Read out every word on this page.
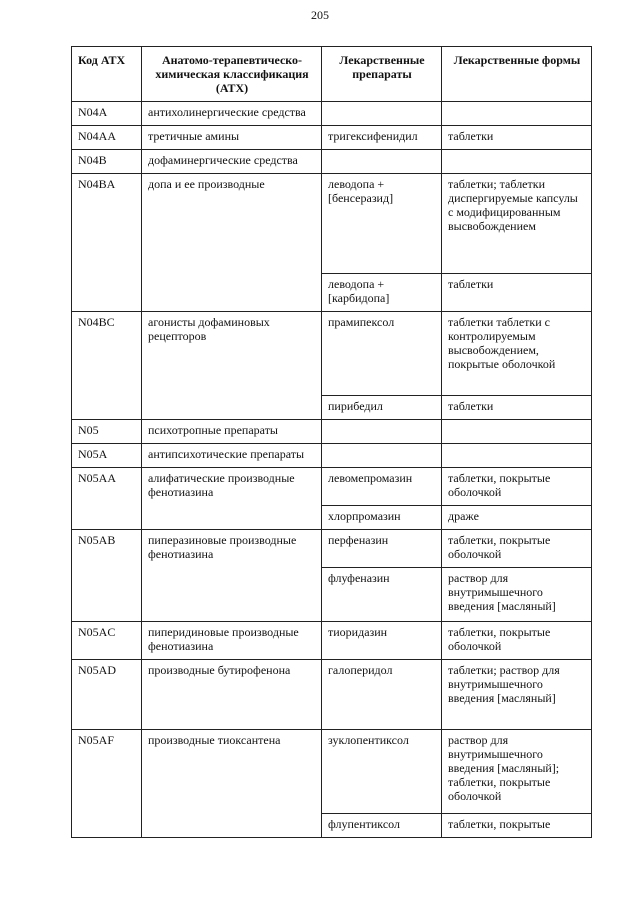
205
Код АТХ	Анатомо-терапевтическо-химическая классификация (АТХ)	Лекарственные препараты	Лекарственные формы
N04A	антихолинергические средства		
N04AA	третичные амины	тригексифенидил	таблетки
N04B	дофаминергические средства		
N04BA	допа и ее производные	леводопа + [бенсеразид]	таблетки; таблетки диспергируемые капсулы с модифицированным высвобождением
		леводопа + [карбидопа]	таблетки
N04BC	агонисты дофаминовых рецепторов	прамипексол	таблетки таблетки с контролируемым высвобождением, покрытые оболочкой
		пирибедил	таблетки
N05	психотропные препараты		
N05A	антипсихотические препараты		
N05AA	алифатические производные фенотиазина	левомепромазин	таблетки, покрытые оболочкой
		хлорпромазин	драже
N05AB	пиперазиновые производные фенотиазина	перфеназин	таблетки, покрытые оболочкой
		флуфеназин	раствор для внутримышечного введения [масляный]
N05AC	пиперидиновые производные фенотиазина	тиоридазин	таблетки, покрытые оболочкой
N05AD	производные бутирофенона	галоперидол	таблетки; раствор для внутримышечного введения [масляный]
N05AF	производные тиоксантена	зуклопентиксол	раствор для внутримышечного введения [масляный]; таблетки, покрытые оболочкой
		флупентиксол	таблетки, покрытые
